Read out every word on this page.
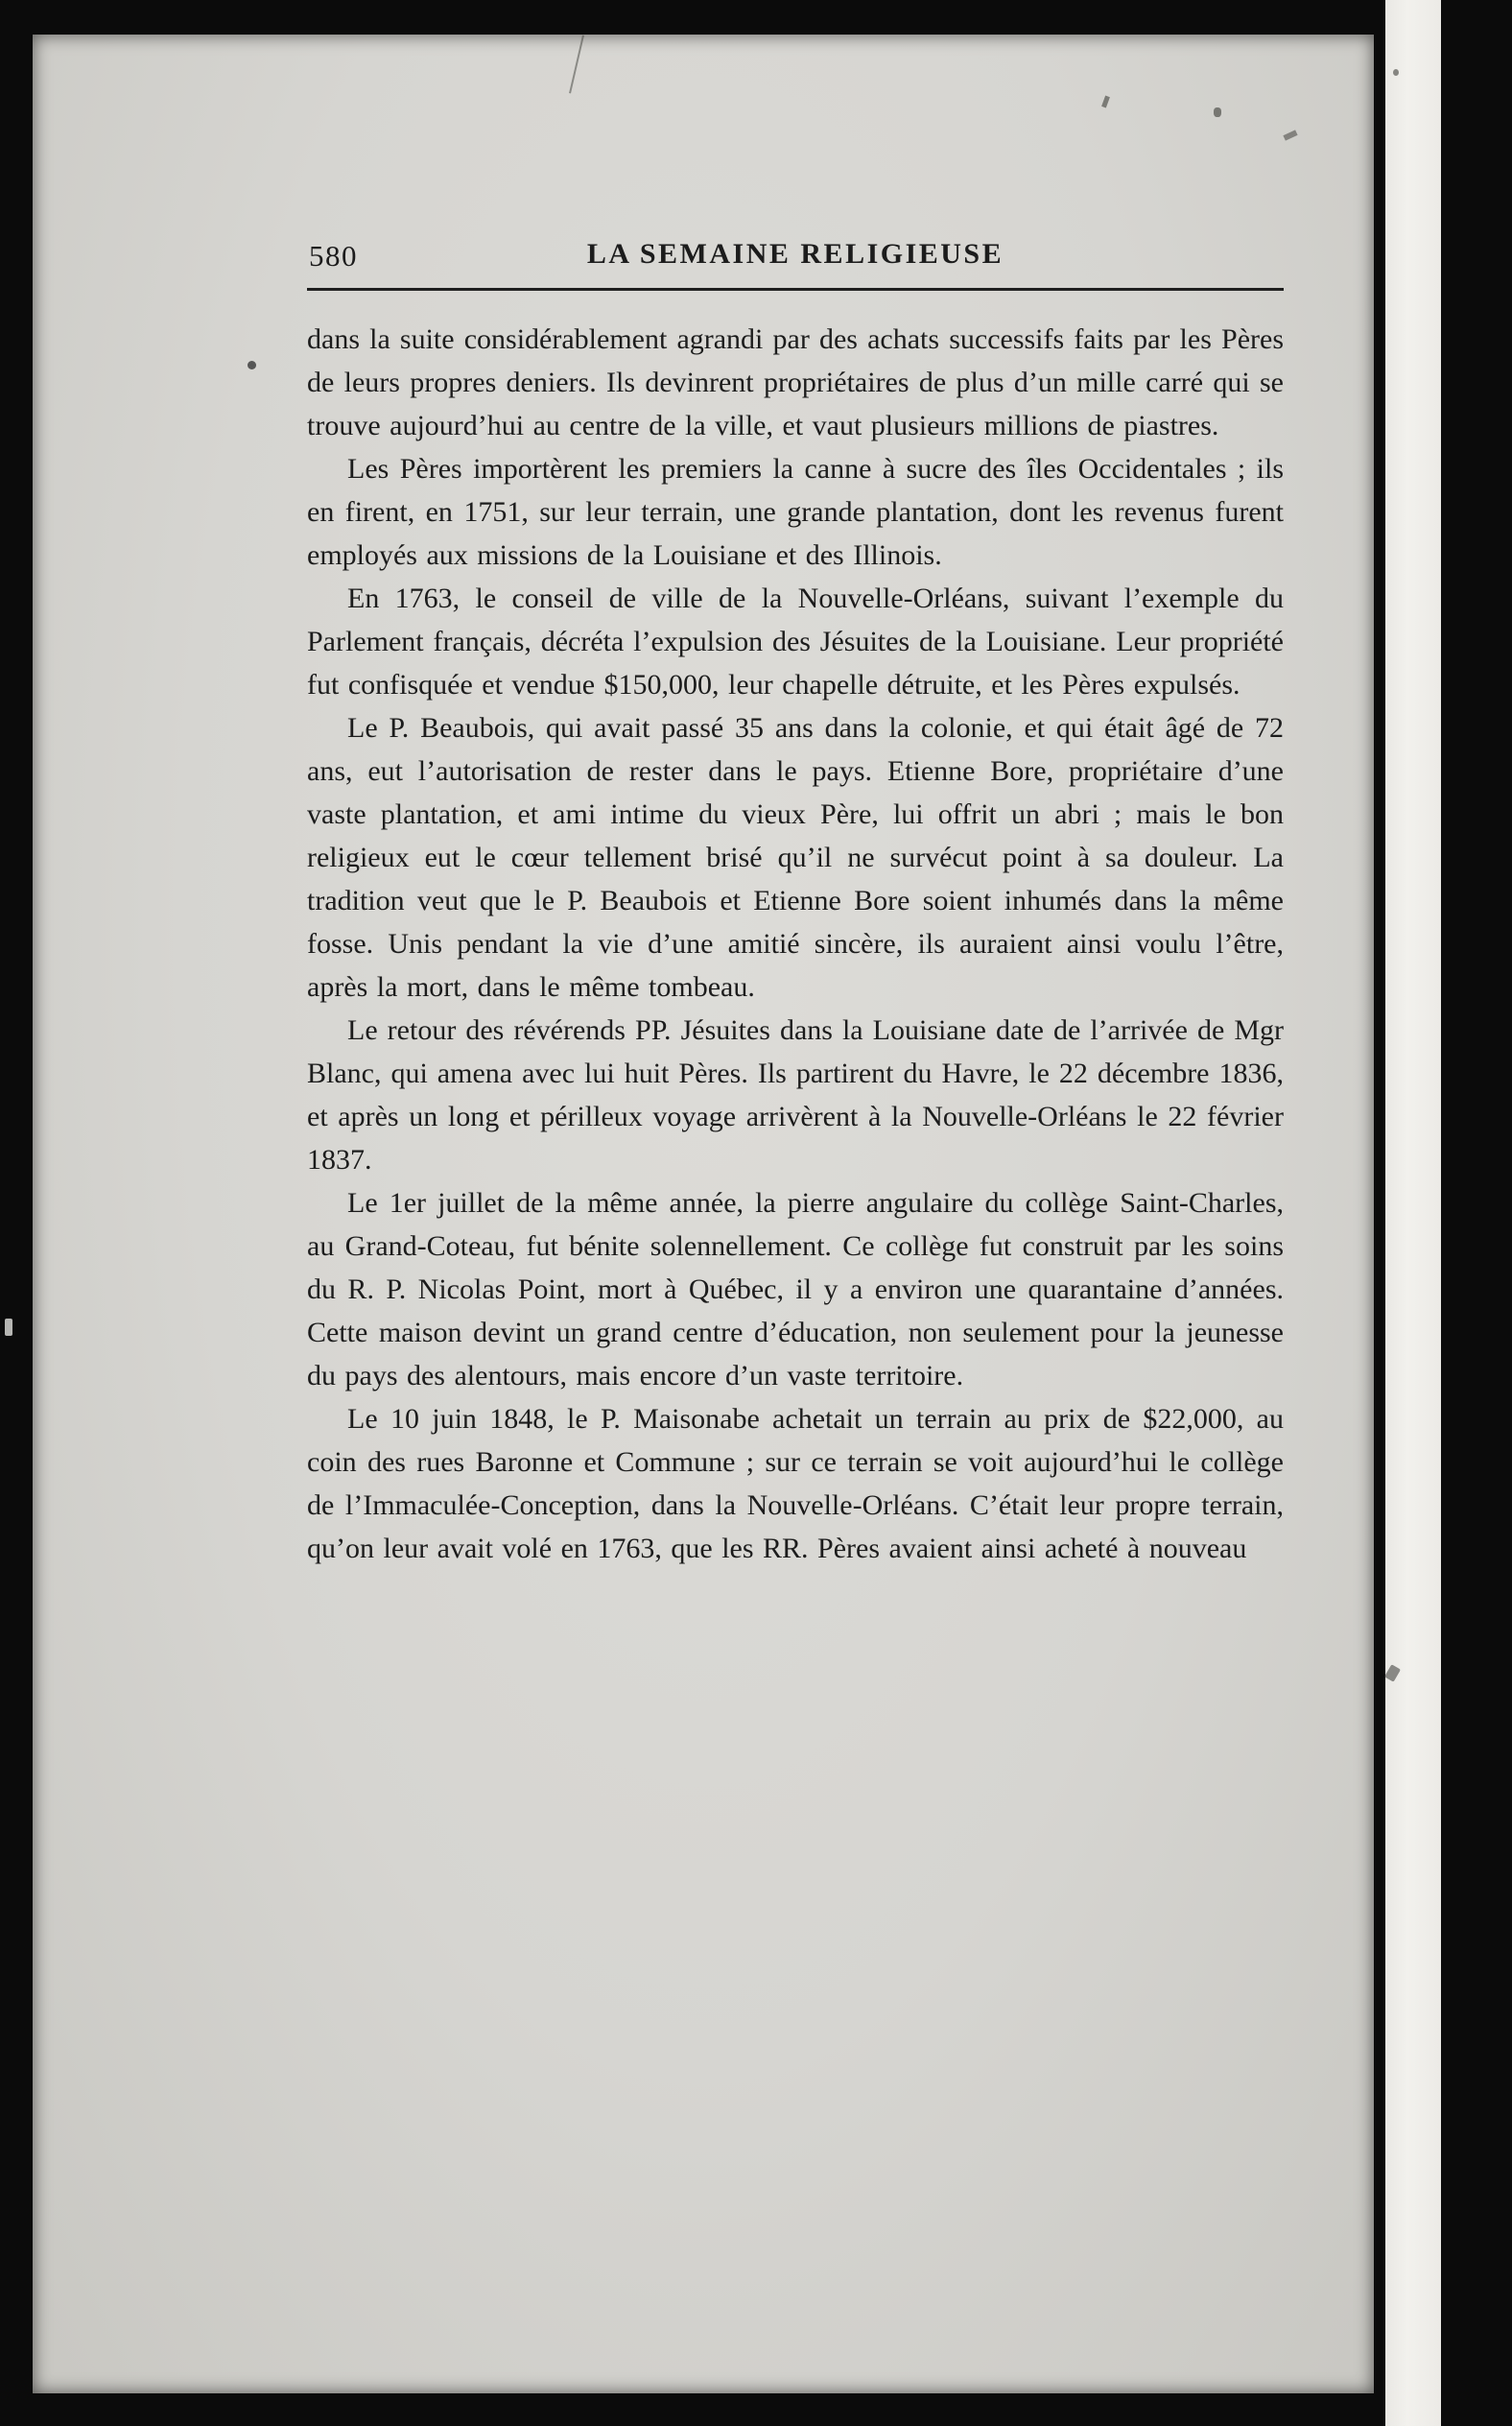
580	LA SEMAINE RELIGIEUSE

dans la suite considérablement agrandi par des achats successifs faits par les Pères de leurs propres deniers. Ils devinrent propriétaires de plus d’un mille carré qui se trouve aujourd’hui au centre de la ville, et vaut plusieurs millions de piastres.

Les Pères importèrent les premiers la canne à sucre des îles Occidentales ; ils en firent, en 1751, sur leur terrain, une grande plantation, dont les revenus furent employés aux missions de la Louisiane et des Illinois.

En 1763, le conseil de ville de la Nouvelle-Orléans, suivant l’exemple du Parlement français, décréta l’expulsion des Jésuites de la Louisiane. Leur propriété fut confisquée et vendue $150,000, leur chapelle détruite, et les Pères expulsés.

Le P. Beaubois, qui avait passé 35 ans dans la colonie, et qui était âgé de 72 ans, eut l’autorisation de rester dans le pays. Etienne Bore, propriétaire d’une vaste plantation, et ami intime du vieux Père, lui offrit un abri ; mais le bon religieux eut le cœur tellement brisé qu’il ne survécut point à sa douleur. La tradition veut que le P. Beaubois et Etienne Bore soient inhumés dans la même fosse. Unis pendant la vie d’une amitié sincère, ils auraient ainsi voulu l’être, après la mort, dans le même tombeau.

Le retour des révérends PP. Jésuites dans la Louisiane date de l’arrivée de Mgr Blanc, qui amena avec lui huit Pères. Ils partirent du Havre, le 22 décembre 1836, et après un long et périlleux voyage arrivèrent à la Nouvelle-Orléans le 22 février 1837.

Le 1er juillet de la même année, la pierre angulaire du collège Saint-Charles, au Grand-Coteau, fut bénite solennellement. Ce collège fut construit par les soins du R. P. Nicolas Point, mort à Québec, il y a environ une quarantaine d’années. Cette maison devint un grand centre d’éducation, non seulement pour la jeunesse du pays des alentours, mais encore d’un vaste territoire.

Le 10 juin 1848, le P. Maisonabe achetait un terrain au prix de $22,000, au coin des rues Baronne et Commune ; sur ce terrain se voit aujourd’hui le collège de l’Immaculée-Conception, dans la Nouvelle-Orléans. C’était leur propre terrain, qu’on leur avait volé en 1763, que les RR. Pères avaient ainsi acheté à nouveau
